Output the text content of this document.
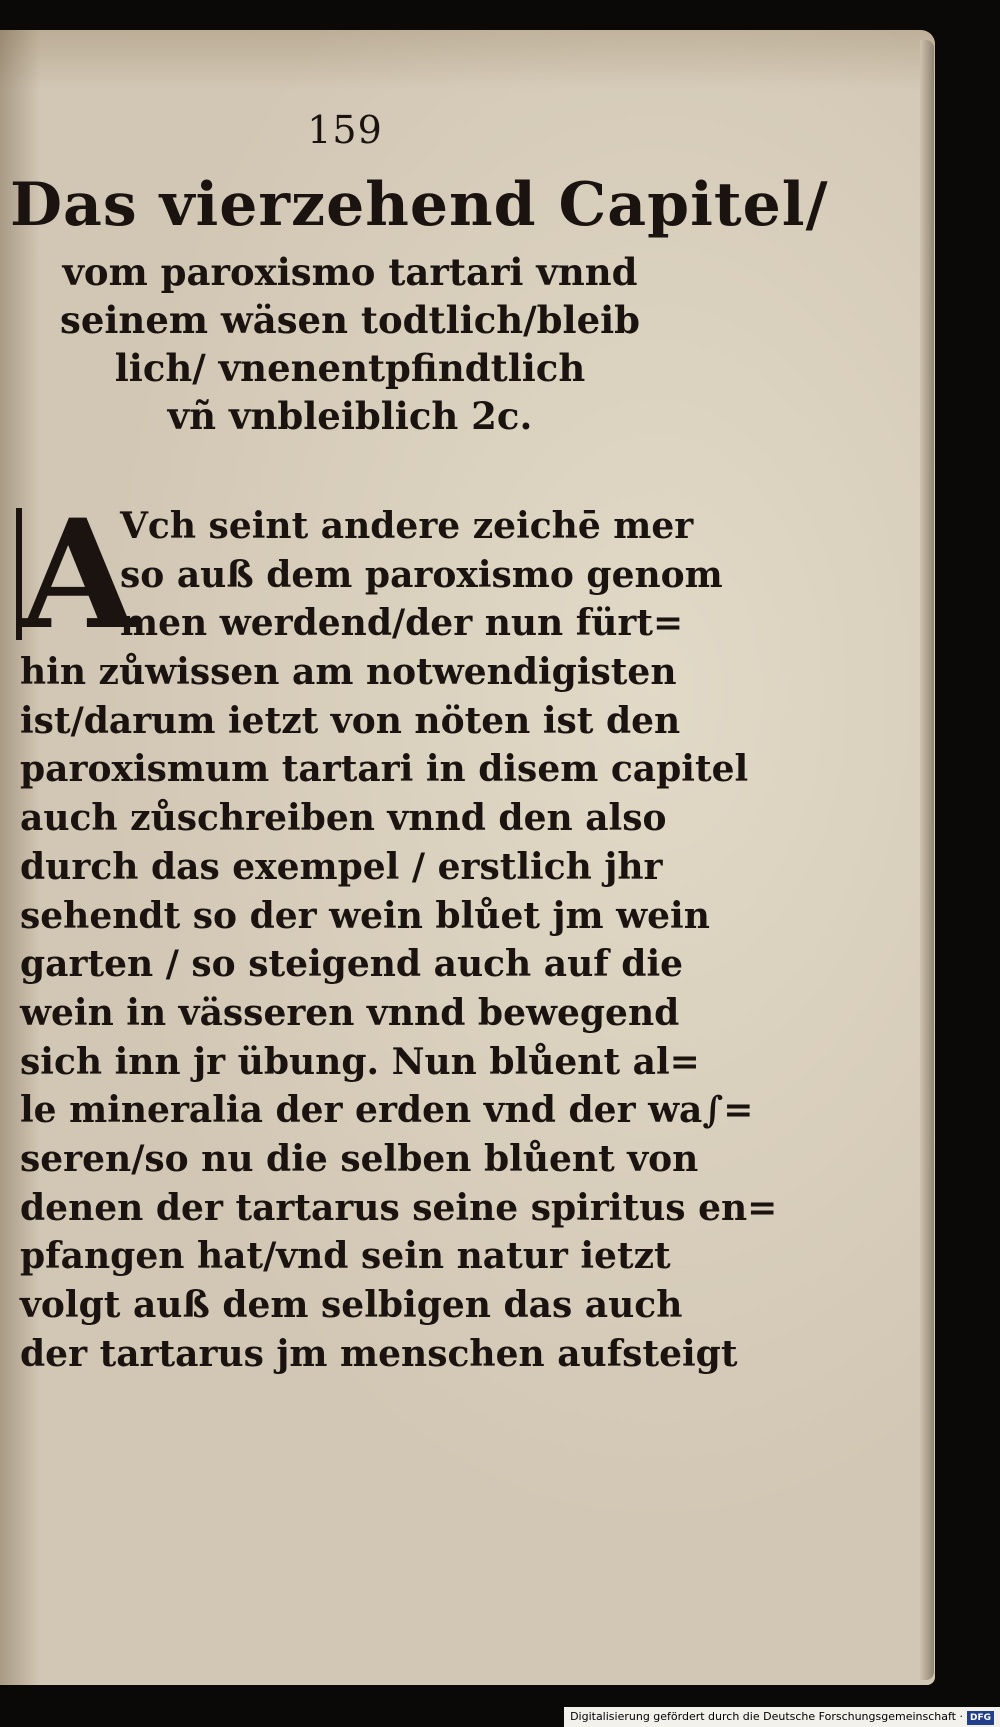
159
Das vierzehend Capitel/
vom paroxismo tartari vnnd
seinem wäsen todtlich/bleib
lich/ vnenentpfindtlich
vñ vnbleiblich 2c.
A
Vch seint andere zeichē mer
so auß dem paroxismo genom
men werdend/der nun fürt=
hin zůwissen am notwendigisten
ist/darum ietzt von nöten ist den
paroxismum tartari in disem capitel
auch zůschreiben vnnd den also
durch das exempel / erstlich jhr
sehendt so der wein blůet jm wein
garten / so steigend auch auf die
wein in vässeren vnnd bewegend
sich inn jr übung. Nun blůent al=
le mineralia der erden vnd der wa∫=
seren/so nu die selben blůent von
denen der tartarus seine spiritus en=
pfangen hat/vnd sein natur ietzt
volgt auß dem selbigen das auch
der tartarus jm menschen aufsteigt
Digitalisierung gefördert durch die Deutsche Forschungsgemeinschaft · DFG
